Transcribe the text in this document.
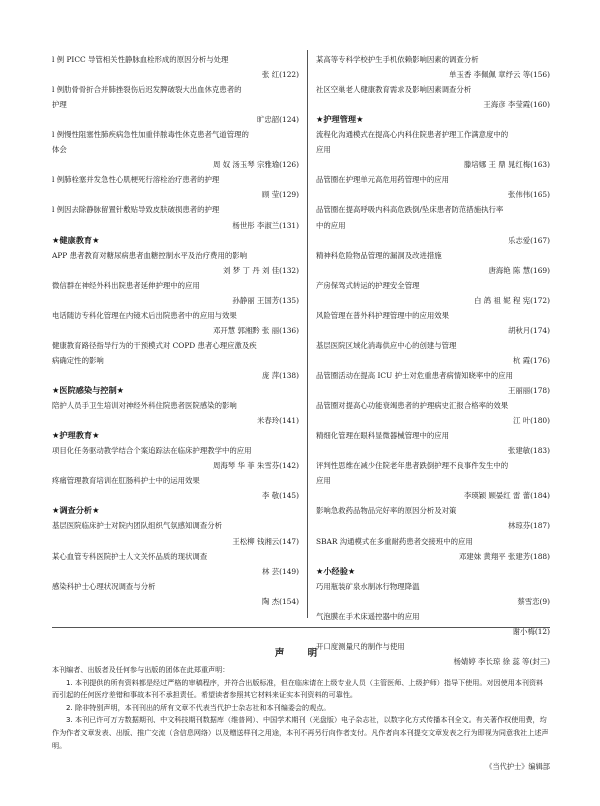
l 例 PICC 导管相关性静脉血栓形成的原因分析与处理
张 红(122)
l 例肋骨骨折合并肺挫裂伤后迟发脾破裂大出血休克患者的
护理
旷忠韶(124)
l 例慢性阻塞性肺疾病急性加重伴脓毒性休克患者气道管理的
体会
周 奴 汤玉琴 宗雅瑜(126)
l 例肺栓塞并发急性心肌梗死行溶栓治疗患者的护理
顾 莹(129)
l 例因去除静脉留置针敷贴导致皮肤破损患者的护理
杨世彤 李淑兰(131)
★健康教育★
APP 患者教育对糖尿病患者血糖控制水平及治疗费用的影响
刘 梦 丁 丹 刘 佳(132)
微信群在神经外科出院患者延伸护理中的应用
孙静丽 王国芳(135)
电话随访专科化管理在内镜术后出院患者中的应用与效果
邓开慧 郭湘黔 张 丽(136)
健康教育路径指导行为的干预模式对 COPD 患者心理应激及疾
病确定性的影响
庞 萍(138)
★医院感染与控制★
陪护人员手卫生培训对神经外科住院患者医院感染的影响
米春玲(141)
★护理教育★
项目化任务驱动教学结合个案追踪法在临床护理教学中的应用
周海琴 华 菲 朱雪芬(142)
疼痛管理教育培训在肛肠科护士中的运用效果
李 敬(145)
★调查分析★
基层医院临床护士对院内团队组织气氛感知调查分析
王松柳 钱湘云(147)
某心血管专科医院护士人文关怀品质的现状调查
林 芸(149)
感染科护士心理状况调查与分析
陶 杰(154)
某高等专科学校护生手机依赖影响因素的调查分析
单玉香 李佩佩 章纾云 等(156)
社区空巢老人健康教育需求及影响因素调查分析
王海彦 李莹霞(160)
★护理管理★
流程化沟通模式在提高心内科住院患者护理工作满意度中的
应用
滕培娜 王 鼎 晁红梅(163)
品管圈在护理单元高危用药管理中的应用
张伟伟(165)
品管圈在提高呼吸内科高危跌倒/坠床患者防范措施执行率
中的应用
乐志爱(167)
精神科危险物品管理的漏洞及改进措施
唐海艳 陈 慧(169)
产房保驾式转运的护理安全管理
白 鸽 祖 妮 程 宪(172)
风险管理在普外科护理管理中的应用效果
胡秋月(174)
基层医院区域化消毒供应中心的创建与管理
杭 霞(176)
品管圈活动在提高 ICU 护士对危重患者病情知晓率中的应用
王丽丽(178)
品管圈对提高心功能衰竭患者的护理病史汇报合格率的效果
江 叶(180)
精细化管理在眼科显微器械管理中的应用
张建敏(183)
评判性思维在减少住院老年患者跌倒护理不良事件发生中的
应用
李瑛颖 顾晏红 雷 蕾(184)
影响急救药品物品完好率的原因分析及对策
林琼芬(187)
SBAR 沟通模式在多重耐药患者交接班中的应用
邓建妹 黄翔平 张建芳(188)
★小经验★
巧用瓶装矿泉水制冰行物理降温
蔡雪恋(9)
气泡膜在手术床遥控器中的应用
谢小梅(12)
开口度测量尺的制作与使用
杨婧婷 李长琼 徐 蕊 等(封三)
声 明

本刊编者、出版者及任何参与出版的团体在此郑重声明：

1. 本刊提供的所有资料都是经过严格的审稿程序，并符合出版标准，但在临床请在上级专业人员（主管医师、上级护师）指导下使用。对因使用本刊资料而引起的任何医疗差错和事故本刊不承担责任。希望读者参照其它材料来证实本刊资料的可靠性。

2. 除非特别声明，本刊刊出的所有文章不代表当代护士杂志社和本刊编委会的观点。

3. 本刊已许可万方数据期刊、中文科技期刊数据库（维普网）、中国学术期刊（光盘版）电子杂志社，以数字化方式传播本刊全文。有关著作权使用费，均作为作者文章发表、出版、推广交流（含信息网络）以及赠送样刊之用途，本刊不再另行向作者支付。凡作者向本刊提交文章发表之行为即视为同意我社上述声明。

《当代护士》编辑部
